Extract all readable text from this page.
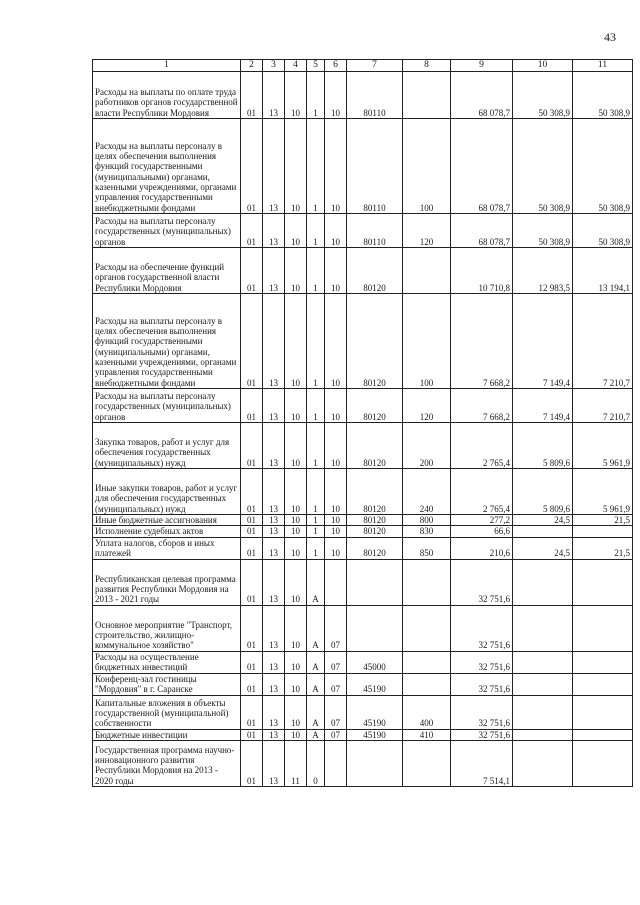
43
1	2	3	4	5	6	7	8	9	10	11
Расходы на выплаты по оплате труда работников органов государственной власти Республики Мордовия	01	13	10	1	10	80110		68 078,7	50 308,9	50 308,9
Расходы на выплаты персоналу в целях обеспечения выполнения функций государственными (муниципальными) органами, казенными учреждениями, органами управления государственными внебюджетными фондами	01	13	10	1	10	80110	100	68 078,7	50 308,9	50 308,9
Расходы на выплаты персоналу государственных (муниципальных) органов	01	13	10	1	10	80110	120	68 078,7	50 308,9	50 308,9
Расходы на обеспечение функций органов государственной власти Республики Мордовия	01	13	10	1	10	80120		10 710,8	12 983,5	13 194,1
Расходы на выплаты персоналу в целях обеспечения выполнения функций государственными (муниципальными) органами, казенными учреждениями, органами управления государственными внебюджетными фондами	01	13	10	1	10	80120	100	7 668,2	7 149,4	7 210,7
Расходы на выплаты персоналу государственных (муниципальных) органов	01	13	10	1	10	80120	120	7 668,2	7 149,4	7 210,7
Закупка товаров, работ и услуг для обеспечения государственных (муниципальных) нужд	01	13	10	1	10	80120	200	2 765,4	5 809,6	5 961,9
Иные закупки товаров, работ и услуг для обеспечения государственных (муниципальных) нужд	01	13	10	1	10	80120	240	2 765,4	5 809,6	5 961,9
Иные бюджетные ассигнования	01	13	10	1	10	80120	800	277,2	24,5	21,5
Исполнение судебных актов	01	13	10	1	10	80120	830	66,6		
Уплата налогов, сборов и иных платежей	01	13	10	1	10	80120	850	210,6	24,5	21,5
Республиканская целевая программа развития Республики Мордовия на 2013 - 2021 годы	01	13	10	А				32 751,6		
Основное мероприятие "Транспорт, строительство, жилищно-коммунальное хозяйство"	01	13	10	А	07			32 751,6		
Расходы на осуществление бюджетных инвестиций	01	13	10	А	07	45000		32 751,6		
Конференц-зал гостиницы "Мордовия" в г. Саранске	01	13	10	А	07	45190		32 751,6		
Капитальные вложения в объекты государственной (муниципальной) собственности	01	13	10	А	07	45190	400	32 751,6		
Бюджетные инвестиции	01	13	10	А	07	45190	410	32 751,6		
Государственная программа научно-инновационного развития Республики Мордовия на 2013 - 2020 годы	01	13	11	0				7 514,1		
